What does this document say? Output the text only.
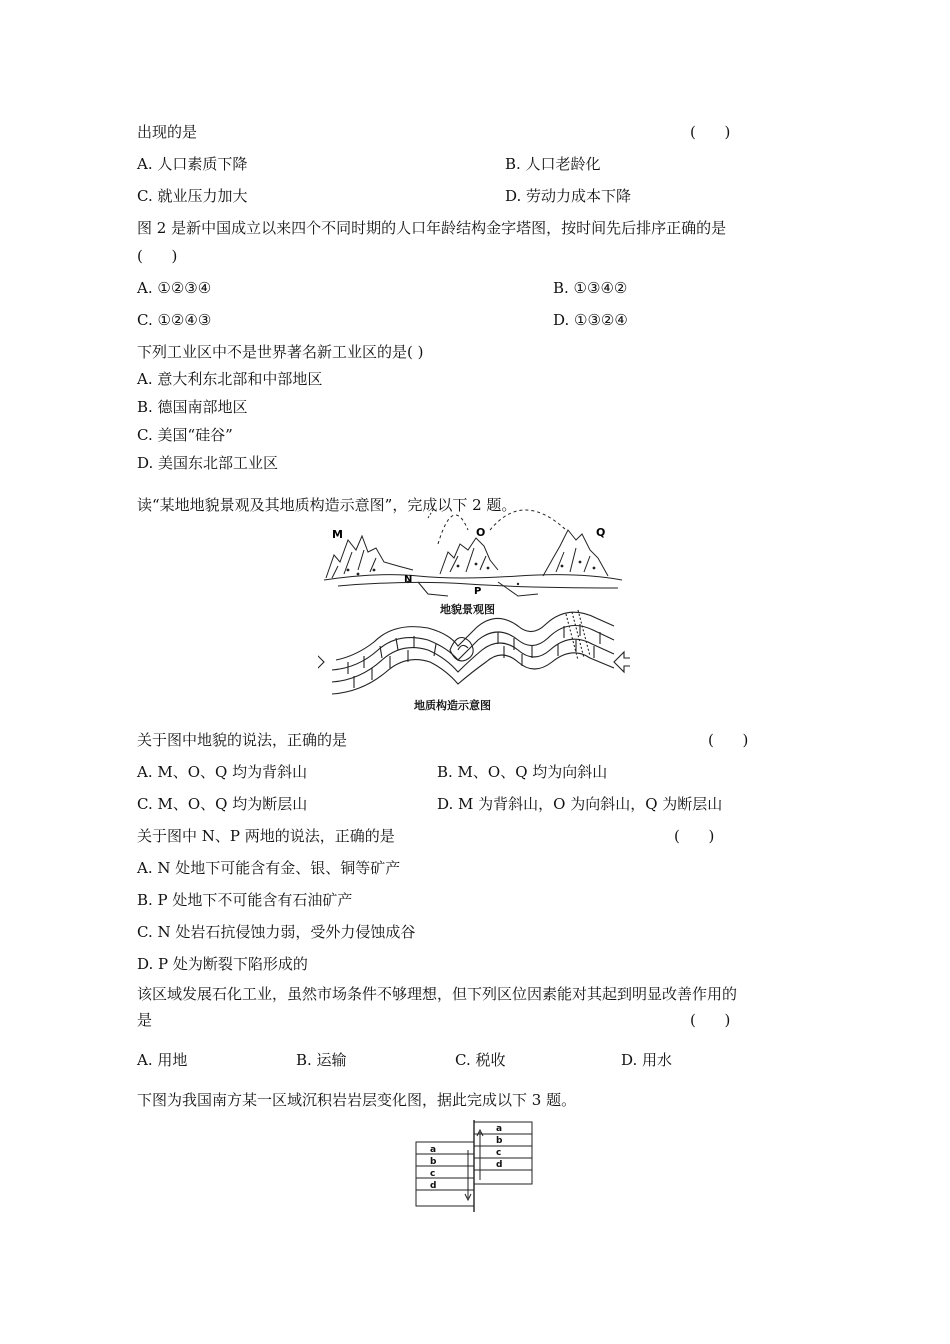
出现的是	(      )
A. 人口素质下降	B. 人口老龄化
C. 就业压力加大	D. 劳动力成本下降
图 2 是新中国成立以来四个不同时期的人口年龄结构金字塔图，按时间先后排序正确的是
(      )
A. ①②③④	B. ①③④②
C. ①②④③	D. ①③②④
下列工业区中不是世界著名新工业区的是( )
A. 意大利东北部和中部地区
B. 德国南部地区
C. 美国“硅谷”
D. 美国东北部工业区
读“某地地貌景观及其地质构造示意图”，完成以下 2 题。
M	O	Q
N
P
地貌景观图
地质构造示意图
关于图中地貌的说法，正确的是	(      )
A. M、O、Q 均为背斜山	B. M、O、Q 均为向斜山
C. M、O、Q 均为断层山	D. M 为背斜山，O 为向斜山，Q 为断层山
关于图中 N、P 两地的说法，正确的是	(      )
A. N 处地下可能含有金、银、铜等矿产
B. P 处地下不可能含有石油矿产
C. N 处岩石抗侵蚀力弱，受外力侵蚀成谷
D. P 处为断裂下陷形成的
该区域发展石化工业，虽然市场条件不够理想，但下列区位因素能对其起到明显改善作用的
是	(      )
A. 用地	B. 运输	C. 税收	D. 用水
下图为我国南方某一区域沉积岩岩层变化图，据此完成以下 3 题。
a
b
c
d
a
b
c
d
